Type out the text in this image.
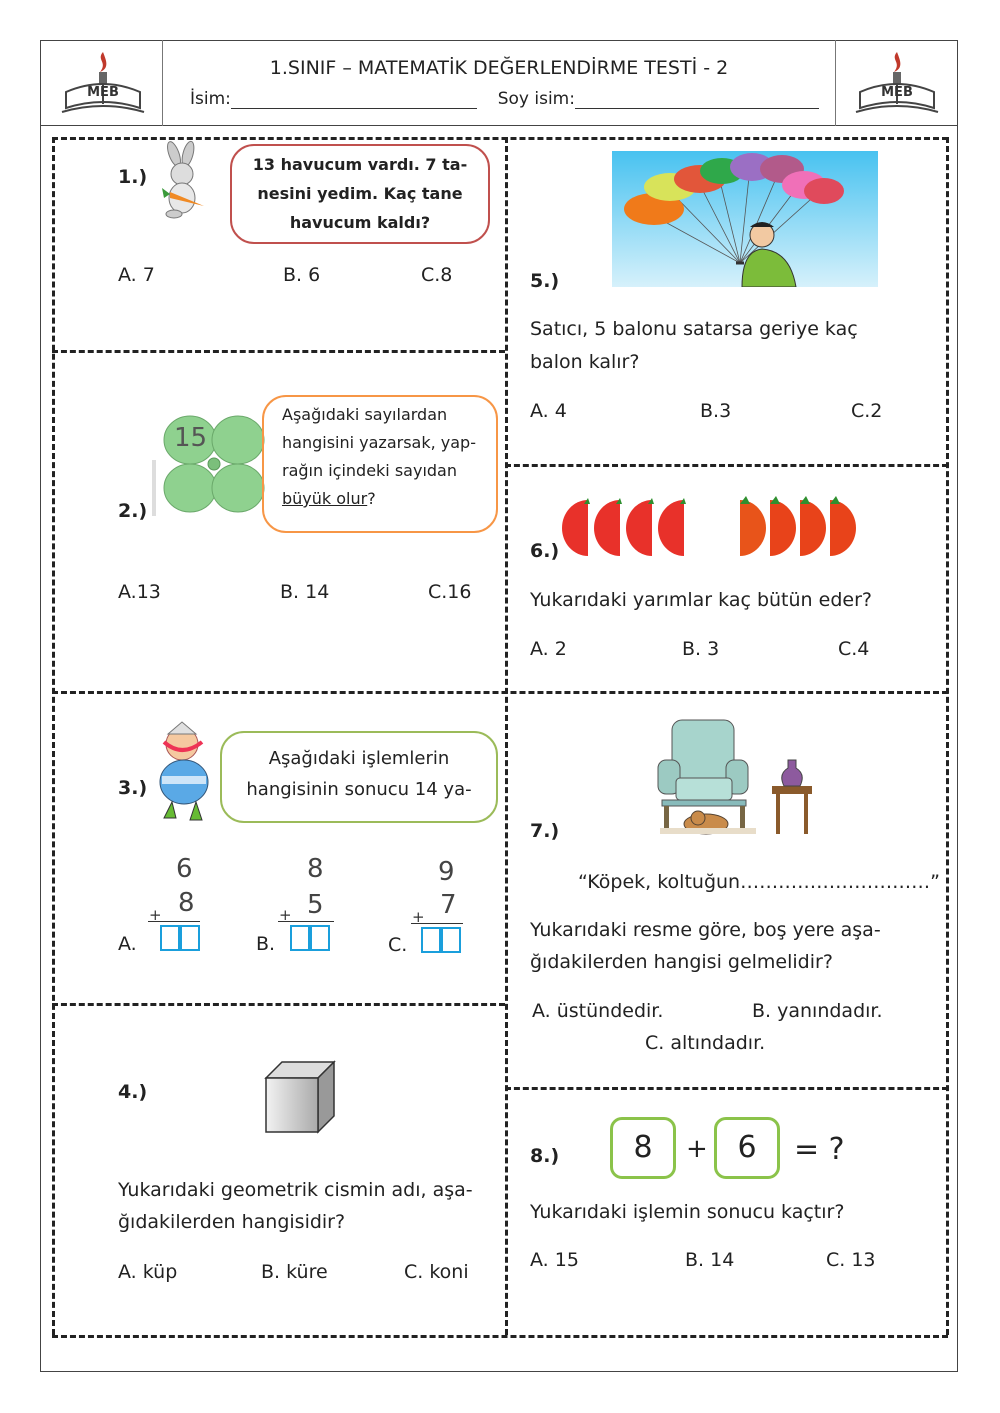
MEB	MEB
1.SINIF – MATEMATİK DEĞERLENDİRME TESTİ - 2
İsim:	Soy isim:
1.)
13 havucum vardı. 7 ta-
nesini yedim. Kaç tane
havucum kaldı?
A. 7	B. 6	C.8
2.)
15
Aşağıdaki sayılardan
hangisini yazarsak, yap-
rağın içindeki sayıdan
büyük olur?
A.13	B. 14	C.16
3.)
Aşağıdaki işlemlerin
hangisinin sonucu 14 ya-
6
8
+
A.
8
5
+
B.
9
7
+
C.
4.)
Yukarıdaki geometrik cismin adı, aşa-
ğıdakilerden hangisidir?
A. küp	B. küre	C. koni
5.)
Satıcı, 5 balonu satarsa geriye kaç
balon kalır?
A. 4	B.3	C.2
6.)
Yukarıdaki yarımlar kaç bütün eder?
A. 2	B. 3	C.4
7.)
“Köpek, koltuğun…………………………”
Yukarıdaki resme göre, boş yere aşa-
ğıdakilerden hangisi gelmelidir?
A. üstündedir.	B. yanındadır.
C. altındadır.
8.)	8	+ 6	= ?
Yukarıdaki işlemin sonucu kaçtır?
A. 15	B. 14	C. 13
